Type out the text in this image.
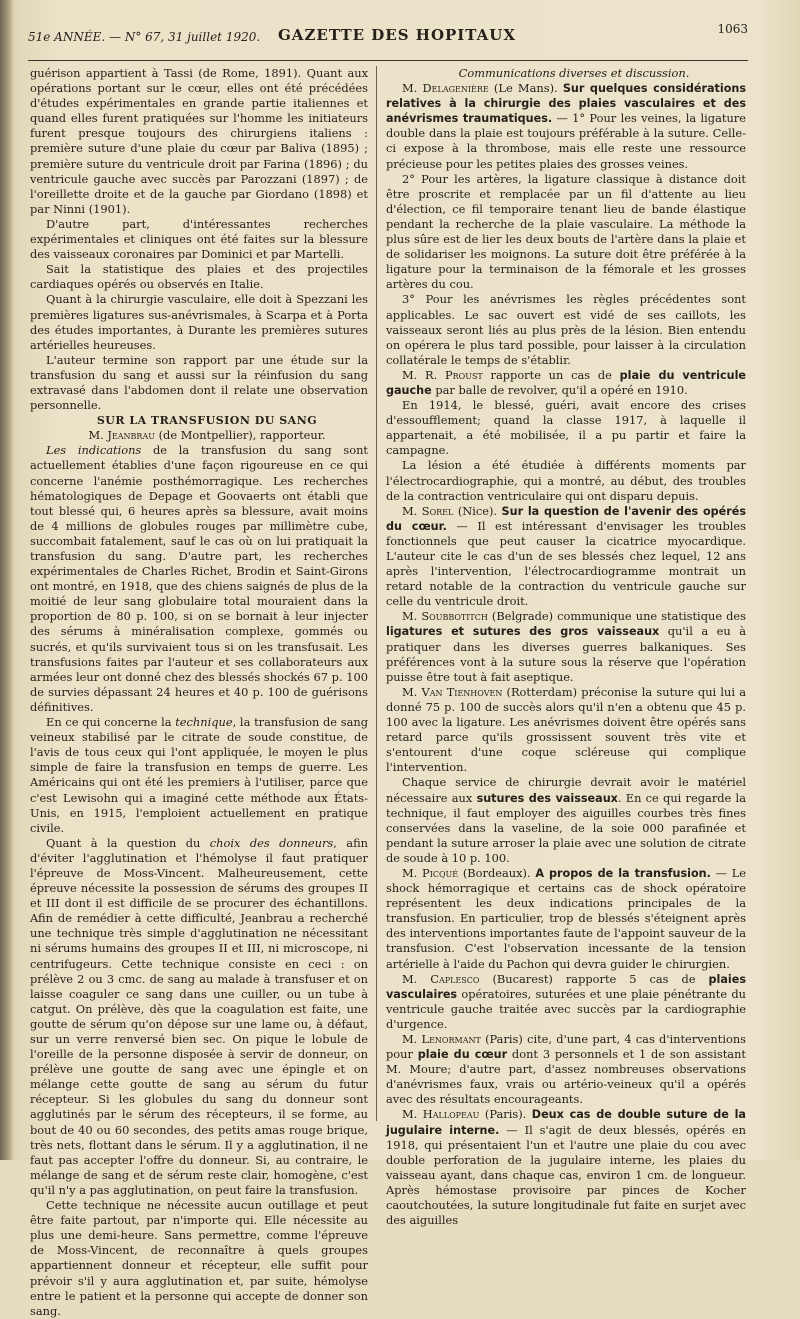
51e ANNÉE. — N° 67, 31 juillet 1920. GAZETTE DES HOPITAUX	1063

guérison appartient à Tassi (de Rome, 1891). Quant aux opérations portant sur le cœur, elles ont été précédées d'études expérimentales en grande partie italiennes et quand elles furent pratiquées sur l'homme les initiateurs furent presque toujours des chirurgiens italiens : première suture d'une plaie du cœur par Baliva (1895) ; première suture du ventricule droit par Farina (1896) ; du ventricule gauche avec succès par Parozzani (1897) ; de l'oreillette droite et de la gauche par Giordano (1898) et par Ninni (1901).

D'autre part, d'intéressantes recherches expérimentales et cliniques ont été faites sur la blessure des vaisseaux coronaires par Dominici et par Martelli.

Sait la statistique des plaies et des projectiles cardiaques opérés ou observés en Italie.

Quant à la chirurgie vasculaire, elle doit à Spezzani les premières ligatures sus-anévrismales, à Scarpa et à Porta des études importantes, à Durante les premières sutures artérielles heureuses.

L'auteur termine son rapport par une étude sur la transfusion du sang et aussi sur la réinfusion du sang extravasé dans l'abdomen dont il relate une observation personnelle.

SUR LA TRANSFUSION DU SANG

M. Jeanbrau (de Montpellier), rapporteur.

Les indications de la transfusion du sang sont actuellement établies d'une façon rigoureuse en ce qui concerne l'anémie posthémorragique. Les recherches hématologiques de Depage et Goovaerts ont établi que tout blessé qui, 6 heures après sa blessure, avait moins de 4 millions de globules rouges par millimètre cube, succombait fatalement, sauf le cas où on lui pratiquait la transfusion du sang. D'autre part, les recherches expérimentales de Charles Richet, Brodin et Saint-Girons ont montré, en 1918, que des chiens saignés de plus de la moitié de leur sang globulaire total mouraient dans la proportion de 80 p. 100, si on se bornait à leur injecter des sérums à minéralisation complexe, gommés ou sucrés, et qu'ils survivaient tous si on les transfusait. Les transfusions faites par l'auteur et ses collaborateurs aux armées leur ont donné chez des blessés shockés 67 p. 100 de survies dépassant 24 heures et 40 p. 100 de guérisons définitives.

En ce qui concerne la technique, la transfusion de sang veineux stabilisé par le citrate de soude constitue, de l'avis de tous ceux qui l'ont appliquée, le moyen le plus simple de faire la transfusion en temps de guerre. Les Américains qui ont été les premiers à l'utiliser, parce que c'est Lewisohn qui a imaginé cette méthode aux États-Unis, en 1915, l'emploient actuellement en pratique civile.

Quant à la question du choix des donneurs, afin d'éviter l'agglutination et l'hémolyse il faut pratiquer l'épreuve de Moss-Vincent. Malheureusement, cette épreuve nécessite la possession de sérums des groupes II et III dont il est difficile de se procurer des échantillons. Afin de remédier à cette difficulté, Jeanbrau a recherché une technique très simple d'agglutination ne nécessitant ni sérums humains des groupes II et III, ni microscope, ni centrifugeurs. Cette technique consiste en ceci : on prélève 2 ou 3 cmc. de sang au malade à transfuser et on laisse coaguler ce sang dans une cuiller, ou un tube à catgut. On prélève, dès que la coagulation est faite, une goutte de sérum qu'on dépose sur une lame ou, à défaut, sur un verre renversé bien sec. On pique le lobule de l'oreille de la personne disposée à servir de donneur, on prélève une goutte de sang avec une épingle et on mélange cette goutte de sang au sérum du futur récepteur. Si les globules du sang du donneur sont agglutinés par le sérum des récepteurs, il se forme, au bout de 40 ou 60 secondes, des petits amas rouge brique, très nets, flottant dans le sérum. Il y a agglutination, il ne faut pas accepter l'offre du donneur. Si, au contraire, le mélange de sang et de sérum reste clair, homogène, c'est qu'il n'y a pas agglutination, on peut faire la transfusion.

Cette technique ne nécessite aucun outillage et peut être faite partout, par n'importe qui. Elle nécessite au plus une demi-heure. Sans permettre, comme l'épreuve de Moss-Vincent, de reconnaître à quels groupes appartiennent donneur et récepteur, elle suffit pour prévoir s'il y aura agglutination et, par suite, hémolyse entre le patient et la personne qui accepte de donner son sang.

Communications diverses et discussion.

M. Delagenière (Le Mans). Sur quelques considérations relatives à la chirurgie des plaies vasculaires et des anévrismes traumatiques. — 1° Pour les veines, la ligature double dans la plaie est toujours préférable à la suture. Celle-ci expose à la thrombose, mais elle reste une ressource précieuse pour les petites plaies des grosses veines.

2° Pour les artères, la ligature classique à distance doit être proscrite et remplacée par un fil d'attente au lieu d'élection, ce fil temporaire tenant lieu de bande élastique pendant la recherche de la plaie vasculaire. La méthode la plus sûre est de lier les deux bouts de l'artère dans la plaie et de solidariser les moignons. La suture doit être préférée à la ligature pour la terminaison de la fémorale et les grosses artères du cou.

3° Pour les anévrismes les règles précédentes sont applicables. Le sac ouvert est vidé de ses caillots, les vaisseaux seront liés au plus près de la lésion. Bien entendu on opérera le plus tard possible, pour laisser à la circulation collatérale le temps de s'établir.

M. R. Proust rapporte un cas de plaie du ventricule gauche par balle de revolver, qu'il a opéré en 1910.

En 1914, le blessé, guéri, avait encore des crises d'essoufflement; quand la classe 1917, à laquelle il appartenait, a été mobilisée, il a pu partir et faire la campagne.

La lésion a été étudiée à différents moments par l'électrocardiographie, qui a montré, au début, des troubles de la contraction ventriculaire qui ont disparu depuis.

M. Sorel (Nice). Sur la question de l'avenir des opérés du cœur. — Il est intéressant d'envisager les troubles fonctionnels que peut causer la cicatrice myocardique. L'auteur cite le cas d'un de ses blessés chez lequel, 12 ans après l'intervention, l'électrocardiogramme montrait un retard notable de la contraction du ventricule gauche sur celle du ventricule droit.

M. Soubbotitch (Belgrade) communique une statistique des ligatures et sutures des gros vaisseaux qu'il a eu à pratiquer dans les diverses guerres balkaniques. Ses préférences vont à la suture sous la réserve que l'opération puisse être tout à fait aseptique.

M. Van Tienhoven (Rotterdam) préconise la suture qui lui a donné 75 p. 100 de succès alors qu'il n'en a obtenu que 45 p. 100 avec la ligature. Les anévrismes doivent être opérés sans retard parce qu'ils grossissent souvent très vite et s'entourent d'une coque scléreuse qui complique l'intervention.

Chaque service de chirurgie devrait avoir le matériel nécessaire aux sutures des vaisseaux. En ce qui regarde la technique, il faut employer des aiguilles courbes très fines conservées dans la vaseline, de la soie 000 parafinée et pendant la suture arroser la plaie avec une solution de citrate de soude à 10 p. 100.

M. Picqué (Bordeaux). A propos de la transfusion. — Le shock hémorragique et certains cas de shock opératoire représentent les deux indications principales de la transfusion. En particulier, trop de blessés s'éteignent après des interventions importantes faute de l'appoint sauveur de la transfusion. C'est l'observation incessante de la tension artérielle à l'aide du Pachon qui devra guider le chirurgien.

M. Caplesco (Bucarest) rapporte 5 cas de plaies vasculaires opératoires, suturées et une plaie pénétrante du ventricule gauche traitée avec succès par la cardiographie d'urgence.

M. Lenormant (Paris) cite, d'une part, 4 cas d'interventions pour plaie du cœur dont 3 personnels et 1 de son assistant M. Moure; d'autre part, d'assez nombreuses observations d'anévrismes faux, vrais ou artério-veineux qu'il a opérés avec des résultats encourageants.

M. Hallopeau (Paris). Deux cas de double suture de la jugulaire interne. — Il s'agit de deux blessés, opérés en 1918, qui présentaient l'un et l'autre une plaie du cou avec double perforation de la jugulaire interne, les plaies du vaisseau ayant, dans chaque cas, environ 1 cm. de longueur. Après hémostase provisoire par pinces de Kocher caoutchoutées, la suture longitudinale fut faite en surjet avec des aiguilles
